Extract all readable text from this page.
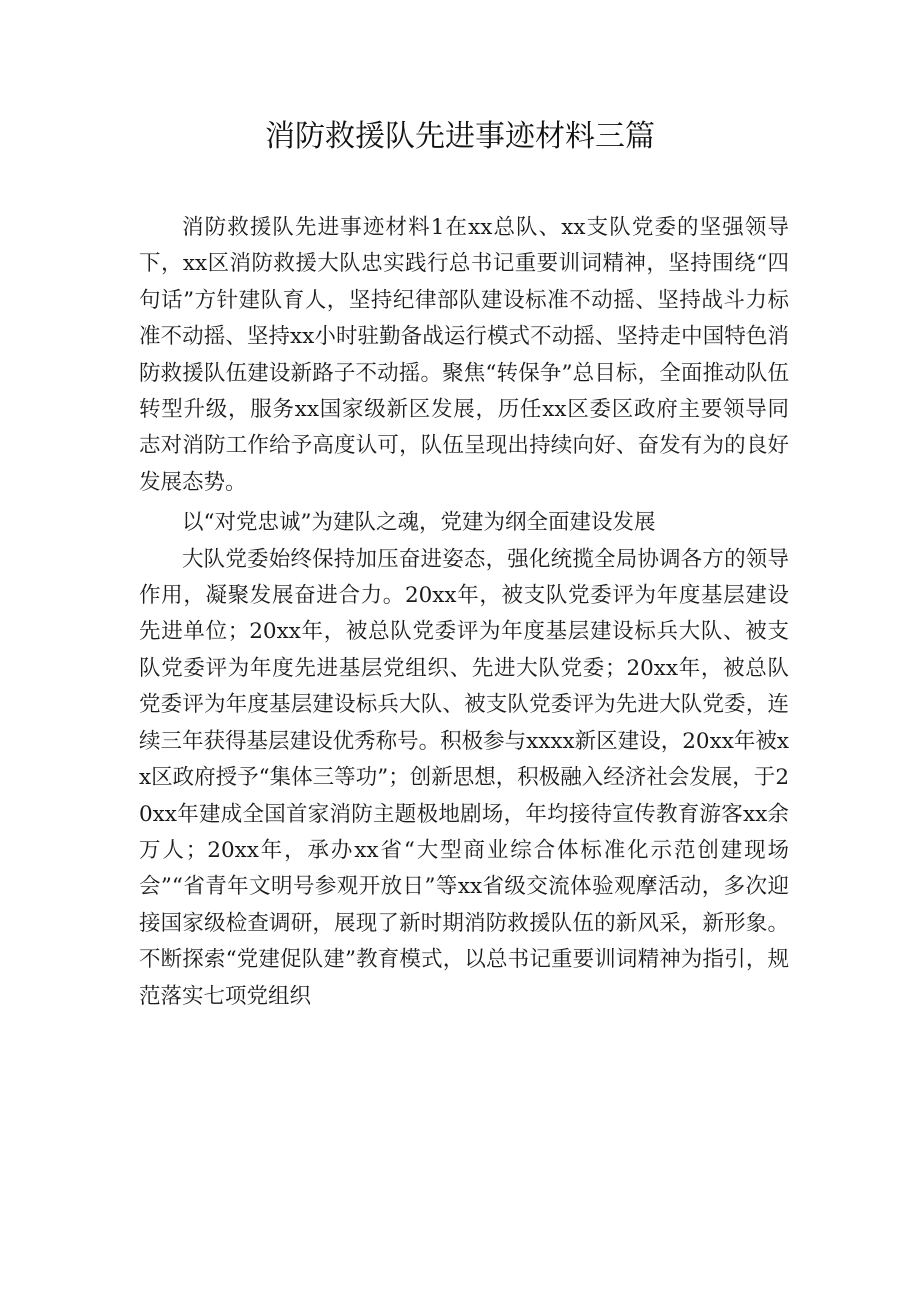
消防救援队先进事迹材料三篇

消防救援队先进事迹材料1在xx总队、xx支队党委的坚强领导下，xx区消防救援大队忠实践行总书记重要训词精神，坚持围绕“四句话”方针建队育人，坚持纪律部队建设标准不动摇、坚持战斗力标准不动摇、坚持xx小时驻勤备战运行模式不动摇、坚持走中国特色消防救援队伍建设新路子不动摇。聚焦“转保争”总目标，全面推动队伍转型升级，服务xx国家级新区发展，历任xx区委区政府主要领导同志对消防工作给予高度认可，队伍呈现出持续向好、奋发有为的良好发展态势。

以“对党忠诚”为建队之魂，党建为纲全面建设发展

大队党委始终保持加压奋进姿态，强化统揽全局协调各方的领导作用，凝聚发展奋进合力。20xx年，被支队党委评为年度基层建设先进单位；20xx年，被总队党委评为年度基层建设标兵大队、被支队党委评为年度先进基层党组织、先进大队党委；20xx年，被总队党委评为年度基层建设标兵大队、被支队党委评为先进大队党委，连续三年获得基层建设优秀称号。积极参与xxxx新区建设，20xx年被xx区政府授予“集体三等功”；创新思想，积极融入经济社会发展，于20xx年建成全国首家消防主题极地剧场，年均接待宣传教育游客xx余万人；20xx年，承办xx省“大型商业综合体标准化示范创建现场会”“省青年文明号参观开放日”等xx省级交流体验观摩活动，多次迎接国家级检查调研，展现了新时期消防救援队伍的新风采，新形象。不断探索“党建促队建”教育模式，以总书记重要训词精神为指引，规范落实七项党组织
